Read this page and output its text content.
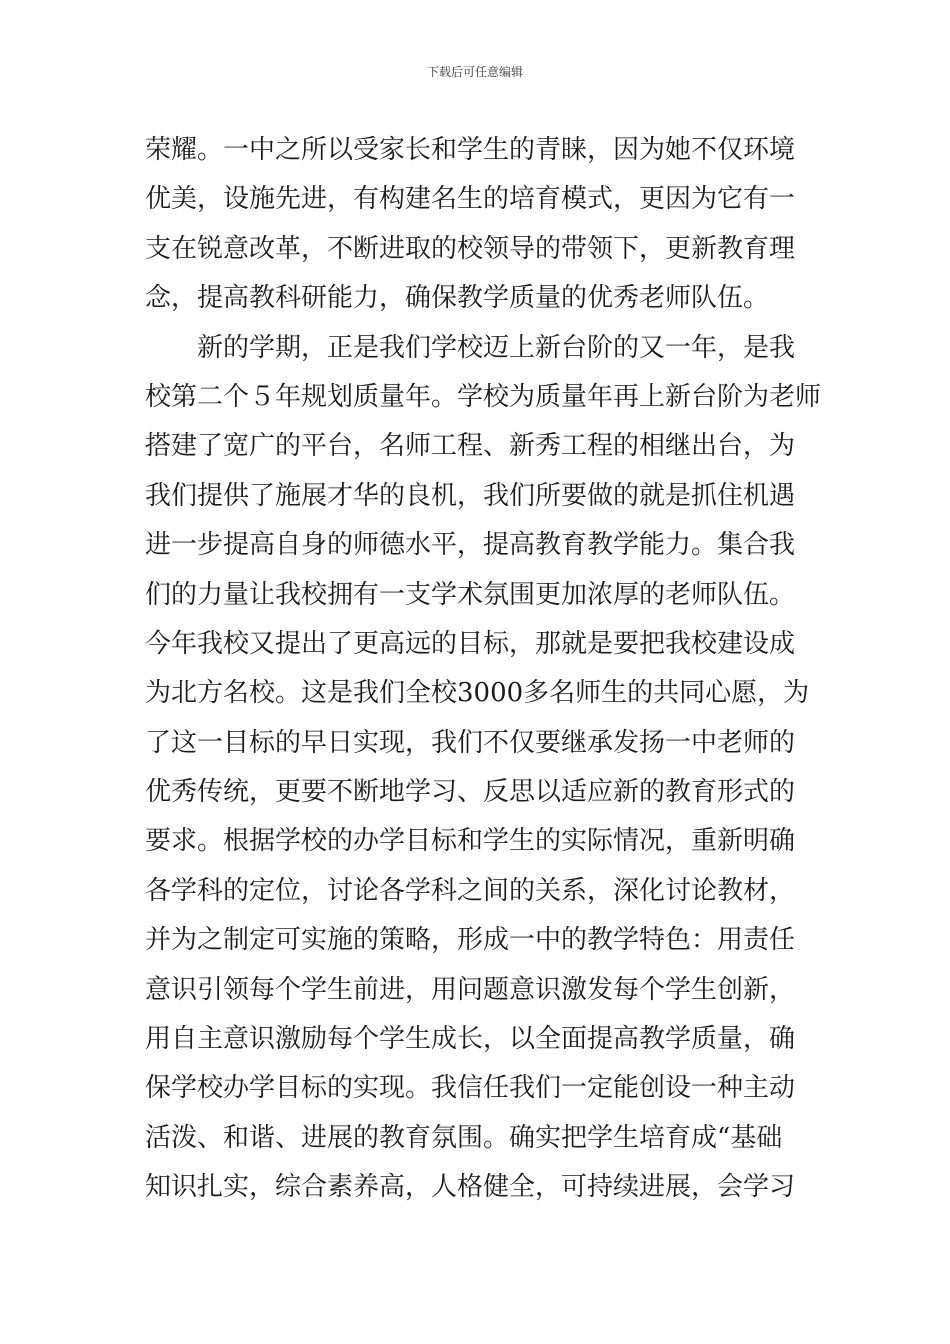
下载后可任意编辑
荣耀。一中之所以受家长和学生的青睐，因为她不仅环境
优美，设施先进，有构建名生的培育模式，更因为它有一
支在锐意改革，不断进取的校领导的带领下，更新教育理
念，提高教科研能力，确保教学质量的优秀老师队伍。
新的学期，正是我们学校迈上新台阶的又一年，是我
校第二个５年规划质量年。学校为质量年再上新台阶为老师
搭建了宽广的平台，名师工程、新秀工程的相继出台，为
我们提供了施展才华的良机，我们所要做的就是抓住机遇
进一步提高自身的师德水平，提高教育教学能力。集合我
们的力量让我校拥有一支学术氛围更加浓厚的老师队伍。
今年我校又提出了更高远的目标，那就是要把我校建设成
为北方名校。这是我们全校3000多名师生的共同心愿，为
了这一目标的早日实现，我们不仅要继承发扬一中老师的
优秀传统，更要不断地学习、反思以适应新的教育形式的
要求。根据学校的办学目标和学生的实际情况，重新明确
各学科的定位，讨论各学科之间的关系，深化讨论教材，
并为之制定可实施的策略，形成一中的教学特色：用责任
意识引领每个学生前进，用问题意识激发每个学生创新，
用自主意识激励每个学生成长，以全面提高教学质量，确
保学校办学目标的实现。我信任我们一定能创设一种主动
活泼、和谐、进展的教育氛围。确实把学生培育成“基础
知识扎实，综合素养高，人格健全，可持续进展，会学习
